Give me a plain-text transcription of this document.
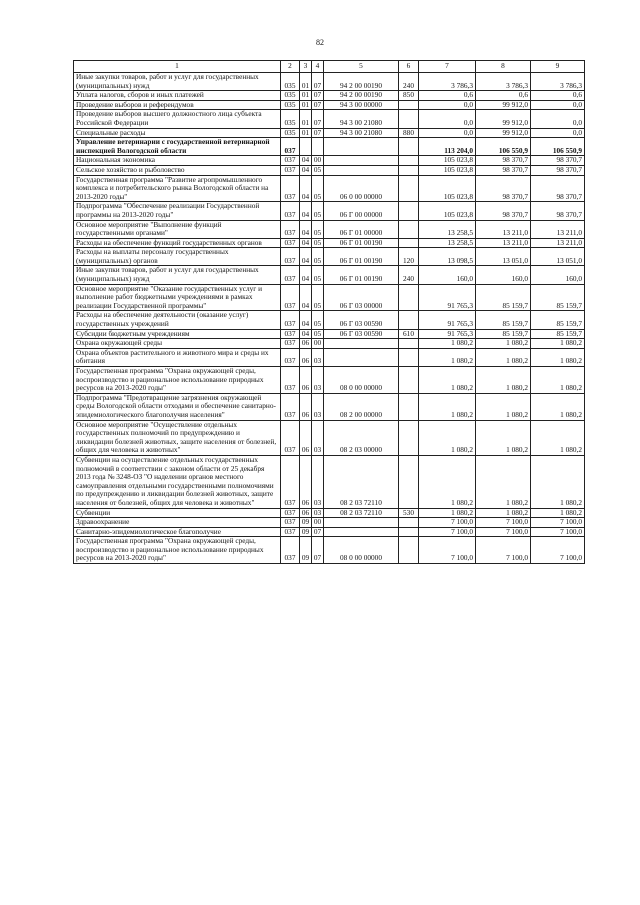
82
1	2	3	4	5	6	7	8	9
Иные закупки товаров, работ и услуг для государственных (муниципальных) нужд	035	01	07	94 2 00 00190	240	3 786,3	3 786,3	3 786,3
Уплата налогов, сборов и иных платежей	035	01	07	94 2 00 00190	850	0,6	0,6	0,6
Проведение выборов и референдумов	035	01	07	94 3 00 00000		0,0	99 912,0	0,0
Проведение выборов высшего должностного лица субъекта Российской Федерации	035	01	07	94 3 00 21080		0,0	99 912,0	0,0
Специальные расходы	035	01	07	94 3 00 21080	880	0,0	99 912,0	0,0
Управление ветеринарии с государственной ветеринарной инспекцией Вологодской области	037					113 204,0	106 550,9	106 550,9
Национальная экономика	037	04	00			105 023,8	98 370,7	98 370,7
Сельское хозяйство и рыболовство	037	04	05			105 023,8	98 370,7	98 370,7
Государственная программа "Развитие агропромышленного комплекса и потребительского рынка Вологодской области на 2013-2020 годы"	037	04	05	06 0 00 00000		105 023,8	98 370,7	98 370,7
Подпрограмма "Обеспечение реализации Государственной программы на 2013-2020 годы"	037	04	05	06 Г 00 00000		105 023,8	98 370,7	98 370,7
Основное мероприятие "Выполнение функций государственными органами"	037	04	05	06 Г 01 00000		13 258,5	13 211,0	13 211,0
Расходы на обеспечение функций государственных органов	037	04	05	06 Г 01 00190		13 258,5	13 211,0	13 211,0
Расходы на выплаты персоналу государственных (муниципальных) органов	037	04	05	06 Г 01 00190	120	13 098,5	13 051,0	13 051,0
Иные закупки товаров, работ и услуг для государственных (муниципальных) нужд	037	04	05	06 Г 01 00190	240	160,0	160,0	160,0
Основное мероприятие "Оказание государственных услуг и выполнение работ бюджетными учреждениями в рамках реализации Государственной программы"	037	04	05	06 Г 03 00000		91 765,3	85 159,7	85 159,7
Расходы на обеспечение деятельности (оказание услуг) государственных учреждений	037	04	05	06 Г 03 00590		91 765,3	85 159,7	85 159,7
Субсидии бюджетным учреждениям	037	04	05	06 Г 03 00590	610	91 765,3	85 159,7	85 159,7
Охрана окружающей среды	037	06	00			1 080,2	1 080,2	1 080,2
Охрана объектов растительного и животного мира и среды их обитания	037	06	03			1 080,2	1 080,2	1 080,2
Государственная программа "Охрана окружающей среды, воспроизводство и рациональное использование природных ресурсов на 2013-2020 годы"	037	06	03	08 0 00 00000		1 080,2	1 080,2	1 080,2
Подпрограмма "Предотвращение загрязнения окружающей среды Вологодской области отходами и обеспечение санитарно-эпидемиологического благополучия населения"	037	06	03	08 2 00 00000		1 080,2	1 080,2	1 080,2
Основное мероприятие "Осуществление отдельных государственных полномочий по предупреждению и ликвидации болезней животных, защите населения от болезней, общих для человека и животных"	037	06	03	08 2 03 00000		1 080,2	1 080,2	1 080,2
Субвенции на осуществление отдельных государственных полномочий в соответствии с законом области от 25 декабря 2013 года № 3248-ОЗ "О наделении органов местного самоуправления отдельными государственными полномочиями по предупреждению и ликвидации болезней животных, защите населения от болезней, общих для человека и животных"	037	06	03	08 2 03 72110		1 080,2	1 080,2	1 080,2
Субвенции	037	06	03	08 2 03 72110	530	1 080,2	1 080,2	1 080,2
Здравоохранение	037	09	00			7 100,0	7 100,0	7 100,0
Санитарно-эпидемиологическое благополучие	037	09	07			7 100,0	7 100,0	7 100,0
Государственная программа "Охрана окружающей среды, воспроизводство и рациональное использование природных ресурсов на 2013-2020 годы"	037	09	07	08 0 00 00000		7 100,0	7 100,0	7 100,0
